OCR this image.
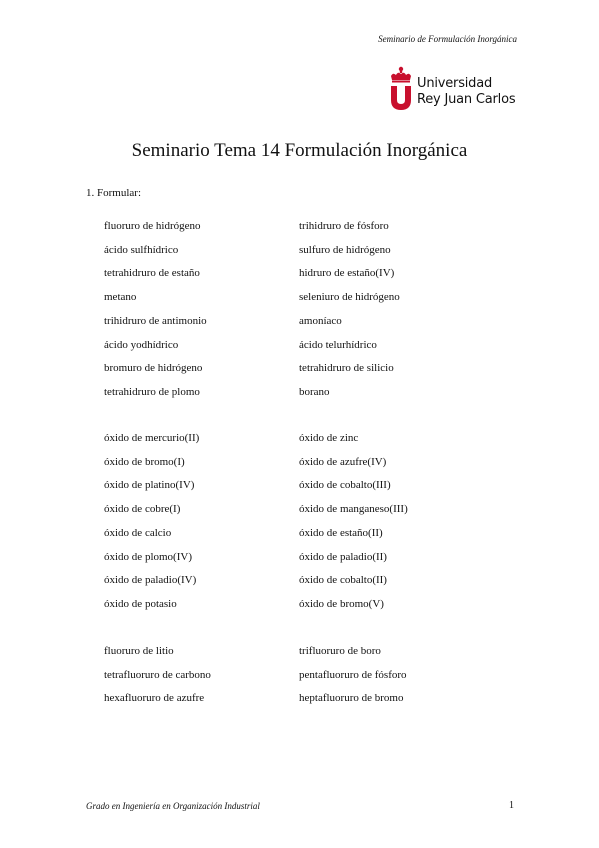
Seminario de Formulación Inorgánica
Universidad
Rey Juan Carlos
Seminario Tema 14 Formulación Inorgánica
1. Formular:
fluoruro de hidrógeno
ácido sulfhídrico
tetrahidruro de estaño
metano
trihidruro de antimonio
ácido yodhídrico
bromuro de hidrógeno
tetrahidruro de plomo
trihidruro de fósforo
sulfuro de hidrógeno
hidruro de estaño(IV)
seleniuro de hidrógeno
amoníaco
ácido telurhídrico
tetrahidruro de silicio
borano
óxido de mercurio(II)
óxido de bromo(I)
óxido de platino(IV)
óxido de cobre(I)
óxido de calcio
óxido de plomo(IV)
óxido de paladio(IV)
óxido de potasio
óxido de zinc
óxido de azufre(IV)
óxido de cobalto(III)
óxido de manganeso(III)
óxido de estaño(II)
óxido de paladio(II)
óxido de cobalto(II)
óxido de bromo(V)
fluoruro de litio
tetrafluoruro de carbono
hexafluoruro de azufre
trifluoruro de boro
pentafluoruro de fósforo
heptafluoruro de bromo
Grado en Ingeniería en Organización Industrial	1
